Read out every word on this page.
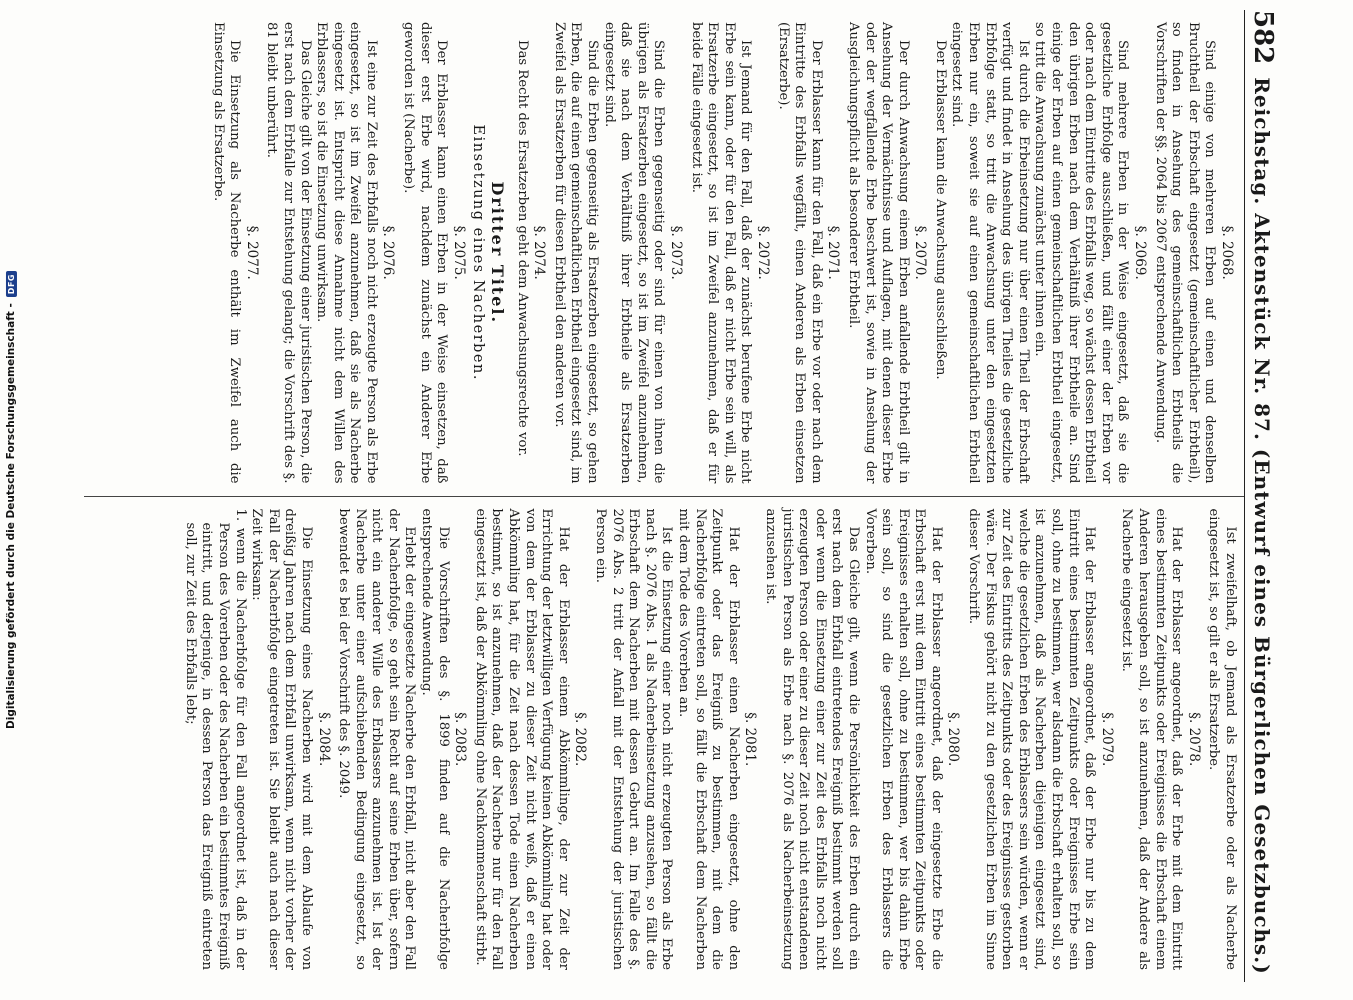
582
Reichstag. Aktenstück Nr. 87. (Entwurf eines Bürgerlichen Gesetzbuchs.)
§. 2068.

Sind einige von mehreren Erben auf einen und denselben Bruchtheil der Erbschaft eingesetzt (gemeinschaftlicher Erbtheil), so finden in Ansehung des gemeinschaftlichen Erbtheils die Vorschriften der §§. 2064 bis 2067 entsprechende Anwendung.

§. 2069.

Sind mehrere Erben in der Weise eingesetzt, daß sie die gesetzliche Erbfolge ausschließen, und fällt einer der Erben vor oder nach dem Eintritte des Erbfalls weg, so wächst dessen Erbtheil den übrigen Erben nach dem Verhältniß ihrer Erbtheile an. Sind einige der Erben auf einen gemeinschaftlichen Erbtheil eingesetzt, so tritt die Anwachsung zunächst unter ihnen ein.

Ist durch die Erbeinsetzung nur über einen Theil der Erbschaft verfügt und findet in Ansehung des übrigen Theiles die gesetzliche Erbfolge statt, so tritt die Anwachsung unter den eingesetzten Erben nur ein, soweit sie auf einen gemeinschaftlichen Erbtheil eingesetzt sind.

Der Erblasser kann die Anwachsung ausschließen.

§. 2070.

Der durch Anwachsung einem Erben anfallende Erbtheil gilt in Ansehung der Vermächtnisse und Auflagen, mit denen dieser Erbe oder der wegfallende Erbe beschwert ist, sowie in Ansehung der Ausgleichungspflicht als besonderer Erbtheil.

§. 2071.

Der Erblasser kann für den Fall, daß ein Erbe vor oder nach dem Eintritte des Erbfalls wegfällt, einen Anderen als Erben einsetzen (Ersatzerbe).

§. 2072.

Ist Jemand für den Fall, daß der zunächst berufene Erbe nicht Erbe sein kann, oder für den Fall, daß er nicht Erbe sein will, als Ersatzerbe eingesetzt, so ist im Zweifel anzunehmen, daß er für beide Fälle eingesetzt ist.

§. 2073.

Sind die Erben gegenseitig oder sind für einen von ihnen die übrigen als Ersatzerben eingesetzt, so ist im Zweifel anzunehmen, daß sie nach dem Verhältniß ihrer Erbtheile als Ersatzerben eingesetzt sind.

Sind die Erben gegenseitig als Ersatzerben eingesetzt, so gehen Erben, die auf einen gemeinschaftlichen Erbtheil eingesetzt sind, im Zweifel als Ersatzerben für diesen Erbtheil den anderen vor.

§. 2074.

Das Recht des Ersatzerben geht dem Anwachsungsrechte vor.

Dritter Titel.
Einsetzung eines Nacherben.
§. 2075.

Der Erblasser kann einen Erben in der Weise einsetzen, daß dieser erst Erbe wird, nachdem zunächst ein Anderer Erbe geworden ist (Nacherbe).

§. 2076.

Ist eine zur Zeit des Erbfalls noch nicht erzeugte Person als Erbe eingesetzt, so ist im Zweifel anzunehmen, daß sie als Nacherbe eingesetzt ist. Entspricht diese Annahme nicht dem Willen des Erblassers, so ist die Einsetzung unwirksam.

Das Gleiche gilt von der Einsetzung einer juristischen Person, die erst nach dem Erbfalle zur Entstehung gelangt; die Vorschrift des §. 81 bleibt unberührt.

§. 2077.

Die Einsetzung als Nacherbe enthält im Zweifel auch die Einsetzung als Ersatzerbe.

Ist zweifelhaft, ob Jemand als Ersatzerbe oder als Nacherbe eingesetzt ist, so gilt er als Ersatzerbe.

§. 2078.

Hat der Erblasser angeordnet, daß der Erbe mit dem Eintritt eines bestimmten Zeitpunkts oder Ereignisses die Erbschaft einem Anderen herausgeben soll, so ist anzunehmen, daß der Andere als Nacherbe eingesetzt ist.

§. 2079.

Hat der Erblasser angeordnet, daß der Erbe nur bis zu dem Eintritt eines bestimmten Zeitpunkts oder Ereignisses Erbe sein soll, ohne zu bestimmen, wer alsdann die Erbschaft erhalten soll, so ist anzunehmen, daß als Nacherben diejenigen eingesetzt sind, welche die gesetzlichen Erben des Erblassers sein würden, wenn er zur Zeit des Eintritts des Zeitpunkts oder des Ereignisses gestorben wäre. Der Fiskus gehört nicht zu den gesetzlichen Erben im Sinne dieser Vorschrift.

§. 2080.

Hat der Erblasser angeordnet, daß der eingesetzte Erbe die Erbschaft erst mit dem Eintritt eines bestimmten Zeitpunkts oder Ereignisses erhalten soll, ohne zu bestimmen, wer bis dahin Erbe sein soll, so sind die gesetzlichen Erben des Erblassers die Vorerben.

Das Gleiche gilt, wenn die Persönlichkeit des Erben durch ein erst nach dem Erbfall eintretendes Ereigniß bestimmt werden soll oder wenn die Einsetzung einer zur Zeit des Erbfalls noch nicht erzeugten Person oder einer zu dieser Zeit noch nicht entstandenen juristischen Person als Erbe nach §. 2076 als Nacherbeinsetzung anzusehen ist.

§. 2081.

Hat der Erblasser einen Nacherben eingesetzt, ohne den Zeitpunkt oder das Ereigniß zu bestimmen, mit dem die Nacherbfolge eintreten soll, so fällt die Erbschaft dem Nacherben mit dem Tode des Vorerben an.

Ist die Einsetzung einer noch nicht erzeugten Person als Erbe nach §. 2076 Abs. 1 als Nacherbeinsetzung anzusehen, so fällt die Erbschaft dem Nacherben mit dessen Geburt an. Im Falle des §. 2076 Abs. 2 tritt der Anfall mit der Entstehung der juristischen Person ein.

§. 2082.

Hat der Erblasser einem Abkömmlinge, der zur Zeit der Errichtung der letztwilligen Verfügung keinen Abkömmling hat oder von dem der Erblasser zu dieser Zeit nicht weiß, daß er einen Abkömmling hat, für die Zeit nach dessen Tode einen Nacherben bestimmt, so ist anzunehmen, daß der Nacherbe nur für den Fall eingesetzt ist, daß der Abkömmling ohne Nachkommenschaft stirbt.

§. 2083.

Die Vorschriften des §. 1899 finden auf die Nacherbfolge entsprechende Anwendung.

Erlebt der eingesetzte Nacherbe den Erbfall, nicht aber den Fall der Nacherbfolge, so geht sein Recht auf seine Erben über, sofern nicht ein anderer Wille des Erblassers anzunehmen ist. Ist der Nacherbe unter einer aufschiebenden Bedingung eingesetzt, so bewendet es bei der Vorschrift des §. 2049.

§. 2084.

Die Einsetzung eines Nacherben wird mit dem Ablaufe von dreißig Jahren nach dem Erbfall unwirksam, wenn nicht vorher der Fall der Nacherbfolge eingetreten ist. Sie bleibt auch nach dieser Zeit wirksam:

1. wenn die Nacherbfolge für den Fall angeordnet ist, daß in der Person des Vorerben oder des Nacherben ein bestimmtes Ereigniß eintritt, und derjenige, in dessen Person das Ereigniß eintreten soll, zur Zeit des Erbfalls lebt;

Digitalisierung gefördert durch die Deutsche Forschungsgemeinschaft -
DFG
